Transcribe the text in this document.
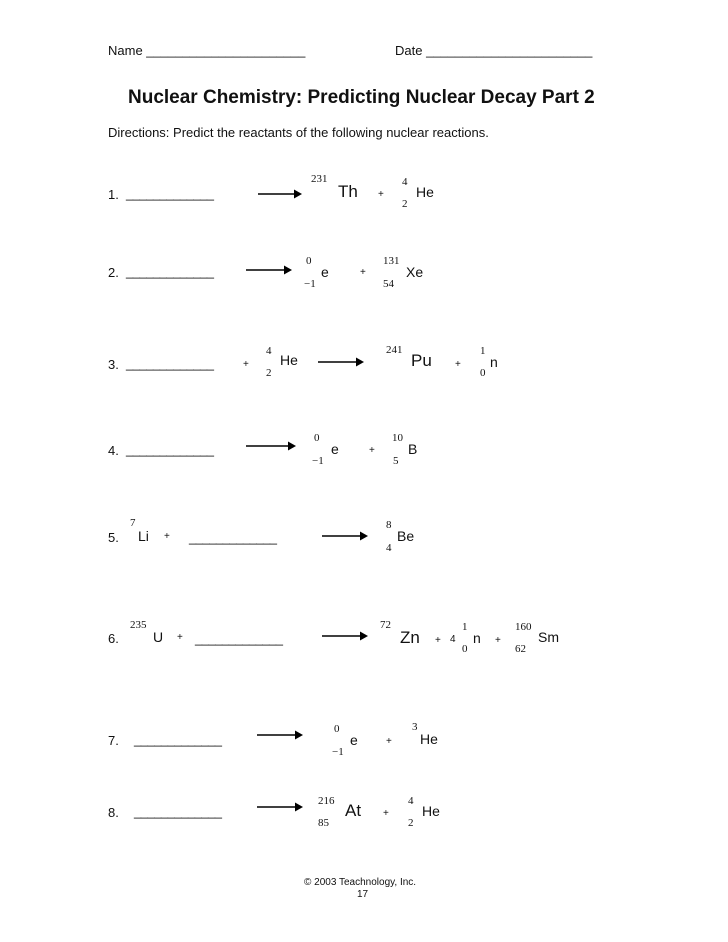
Name ______________________	Date _______________________
Nuclear Chemistry: Predicting Nuclear Decay Part 2
Directions: Predict the reactants of the following nuclear reactions.
1. _____________
231
Th +
4
2
He
2. _____________
0
−1
e	+
131
54
Xe
3. _____________	+
4
2
He →
241
Pu +
1
0
n
4. _____________
0
−1
e	+
10
5
B
5.
7
Li + _____________
8
4
Be
6.
235
U + _____________
72
Zn + 4
1
0
n +
160
62
Sm
7. _____________
0
−1
e	+
3
He
8. _____________ → 216
85
At +
4
2
He
© 2003 Teachnology, Inc.
17
